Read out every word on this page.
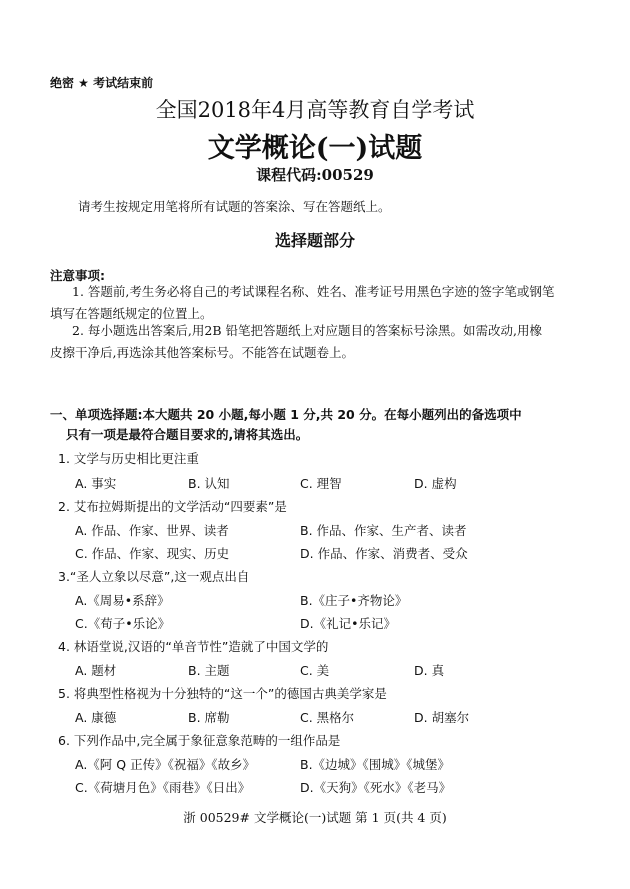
绝密 ★ 考试结束前
全国2018年4月高等教育自学考试
文学概论(一)试题
课程代码:00529
请考生按规定用笔将所有试题的答案涂、写在答题纸上。
选择题部分
注意事项:
1. 答题前,考生务必将自己的考试课程名称、姓名、准考证号用黑色字迹的签字笔或钢笔
填写在答题纸规定的位置上。
2. 每小题选出答案后,用2B 铅笔把答题纸上对应题目的答案标号涂黑。如需改动,用橡
皮擦干净后,再选涂其他答案标号。不能答在试题卷上。
一、单项选择题:本大题共 20 小题,每小题 1 分,共 20 分。在每小题列出的备选项中
只有一项是最符合题目要求的,请将其选出。
1. 文学与历史相比更注重
A. 事实	B. 认知	C. 理智	D. 虚构
2. 艾布拉姆斯提出的文学活动“四要素”是
A. 作品、作家、世界、读者	B. 作品、作家、生产者、读者
C. 作品、作家、现实、历史	D. 作品、作家、消费者、受众
3.“圣人立象以尽意”,这一观点出自
A.《周易•系辞》	B.《庄子•齐物论》
C.《荀子•乐论》	D.《礼记•乐记》
4. 林语堂说,汉语的“单音节性”造就了中国文学的
A. 题材	B. 主题	C. 美	D. 真
5. 将典型性格视为十分独特的“这一个”的德国古典美学家是
A. 康德	B. 席勒	C. 黑格尔	D. 胡塞尔
6. 下列作品中,完全属于象征意象范畴的一组作品是
A.《阿 Q 正传》《祝福》《故乡》	B.《边城》《围城》《城堡》
C.《荷塘月色》《雨巷》《日出》	D.《天狗》《死水》《老马》
浙 00529# 文学概论(一)试题 第 1 页(共 4 页)
